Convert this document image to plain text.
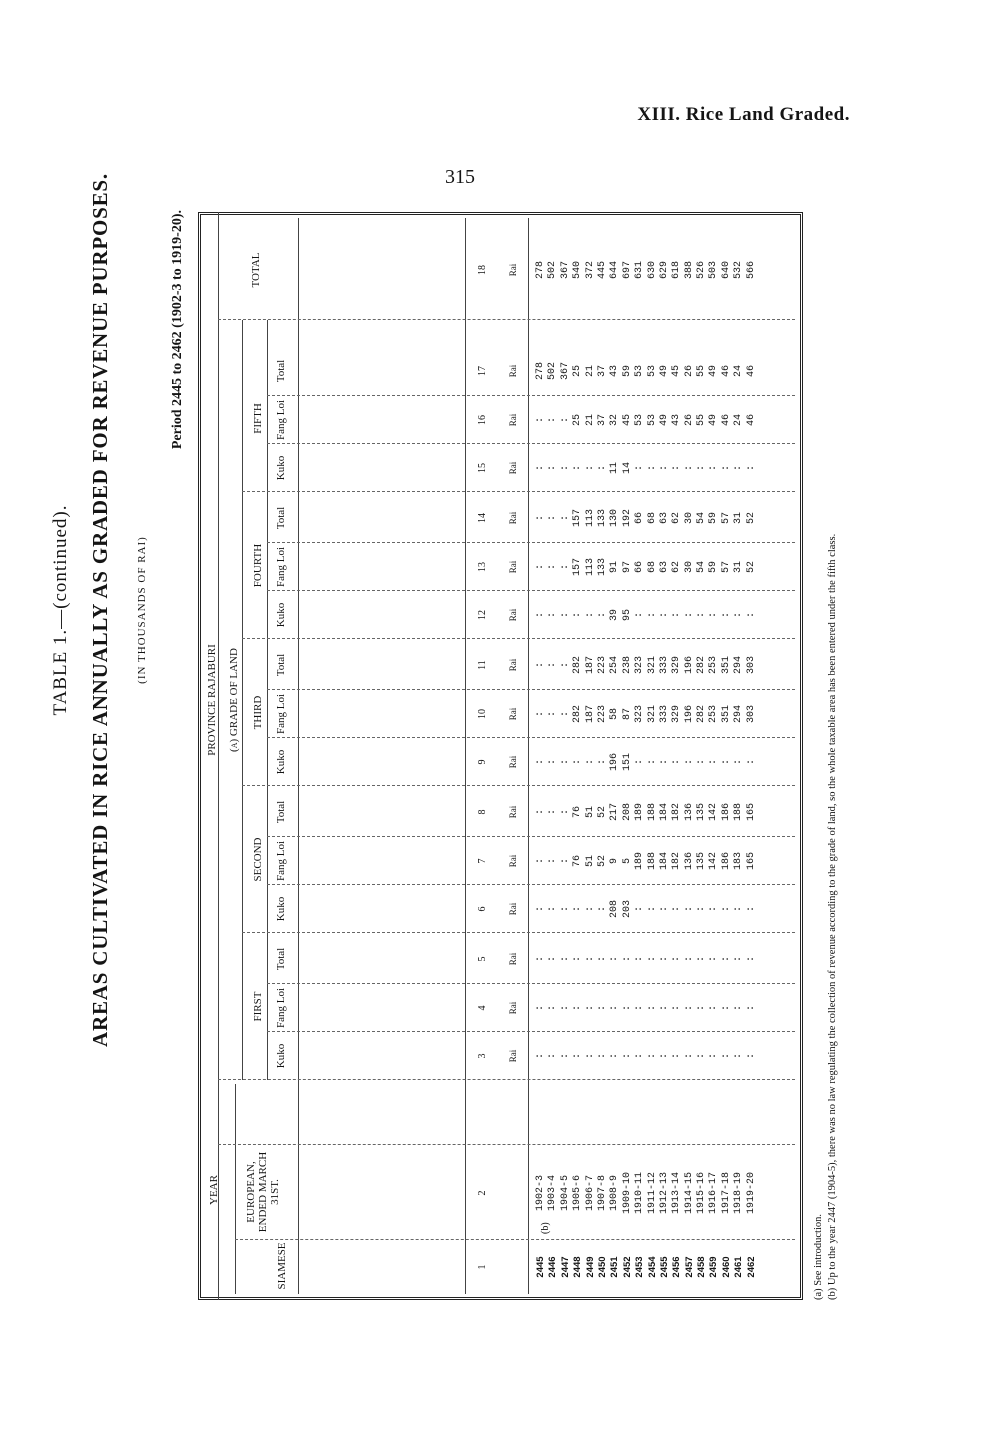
XIII. Rice Land Graded.
315
TABLE 1.—(continued). AREAS CULTIVATED IN RICE ANNUALLY AS GRADED FOR REVENUE PURPOSES. (IN THOUSANDS OF RAI)
Period 2445 to 2462 (1902-3 to 1919-20).
YEAR
SIAMESE
EUROPEAN, ENDED MARCH 31ST.
PROVINCE RAJABURI (a) GRADE OF LAND
TOTAL
FIRST
SECOND
THIRD
FOURTH
FIFTH
(b)	(a) See introduction. (b) Up to the year 2447 (1904-5), there was no law regulating the collection of revenue according to the grade of land, so the whole taxable area has been entered under the fifth class.
Kuko
Fang Loi
Total
Kuko
Fang Loi
Total
Kuko
Fang Loi
Total
Kuko
Fang Loi
Total
Kuko
Fang Loi
Total
1
2
3
4
5
6
7
8
9
10
11
12
13
14
15
16
17
18
Rai
Rai
Rai
Rai
Rai
Rai
Rai
Rai
Rai
Rai
Rai
Rai
Rai
Rai
Rai
Rai
2445 2446 2447 2448 2449 2450 2451 2452 2453 2454 2455 2456 2457 2458 2459 2460 2461 2462
1902-3 1903-4 1904-5 1905-6 1906-7 1907-8 1908-9 1909-10 1910-11 1911-12 1912-13 1913-14 1914-15 1915-16 1916-17 1917-18 1918-19 1919-20
: : : : : : : : : : : : : : : : : :
: : : : : : : : : : : : : : : : : :
: : : : : : : : : : : : : : : : : :
: : : : : : 208 203 : : : : : : : : : :
: : : 76 51 52 9 5 189 188 184 182 136 135 142 186 183 165
: : : 76 51 52 217 208 189 188 184 182 136 135 142 186 188 165
: : : : : : 196 151 : : : : : : : : : :
: : : 282 187 223 58 87 323 321 333 329 196 282 253 351 294 303
: : : 282 187 223 254 238 323 321 333 329 196 282 253 351 294 303
: : : : : : 39 95 : : : : : : : : : :
: : : 157 113 133 91 97 66 68 63 62 30 54 59 57 31 52
: : : 157 113 133 130 192 66 68 63 62 30 54 59 57 31 52
: : : : : : 11 14 : : : : : : : : : :
: : : 25 21 37 32 45 53 53 49 43 26 55 49 46 24 46
278 502 367 25 21 37 43 59 53 53 49 45 26 55 49 46 24 46
278 502 367 540 372 445 644 697 631 630 629 618 388 526 503 640 532 566
